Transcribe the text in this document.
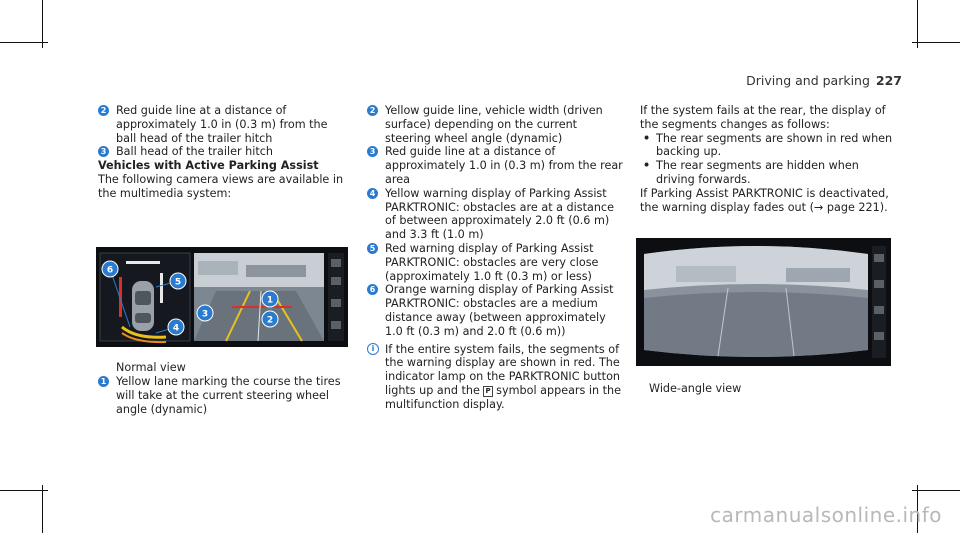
Driving and parking 227
2 Red guide line at a distance of approximately 1.0 in (0.3 m) from the ball head of the trailer hitch
3 Ball head of the trailer hitch

Vehicles with Active Parking Assist

The following camera views are available in the multimedia system:

6
5
1
3
2
4
Normal view
1 Yellow lane marking the course the tires will take at the current steering wheel angle (dynamic)
2 Yellow guide line, vehicle width (driven surface) depending on the current steering wheel angle (dynamic)
3 Red guide line at a distance of approximately 1.0 in (0.3 m) from the rear area
4 Yellow warning display of Parking Assist PARKTRONIC: obstacles are at a distance of between approximately 2.0 ft (0.6 m) and 3.3 ft (1.0 m)
5 Red warning display of Parking Assist PARKTRONIC: obstacles are very close (approximately 1.0 ft (0.3 m) or less)
6 Orange warning display of Parking Assist PARKTRONIC: obstacles are a medium distance away (between approximately 1.0 ft (0.3 m) and 2.0 ft (0.6 m))
i If the entire system fails, the segments of the warning display are shown in red. The indicator lamp on the PARKTRONIC button lights up and the P symbol appears in the multifunction display.

If the system fails at the rear, the display of the segments changes as follows:

• The rear segments are shown in red when backing up.
• The rear segments are hidden when driving forwards.

If Parking Assist PARKTRONIC is deactivated, the warning display fades out (→ page 221).

Wide-angle view
carmanualsonline.info
